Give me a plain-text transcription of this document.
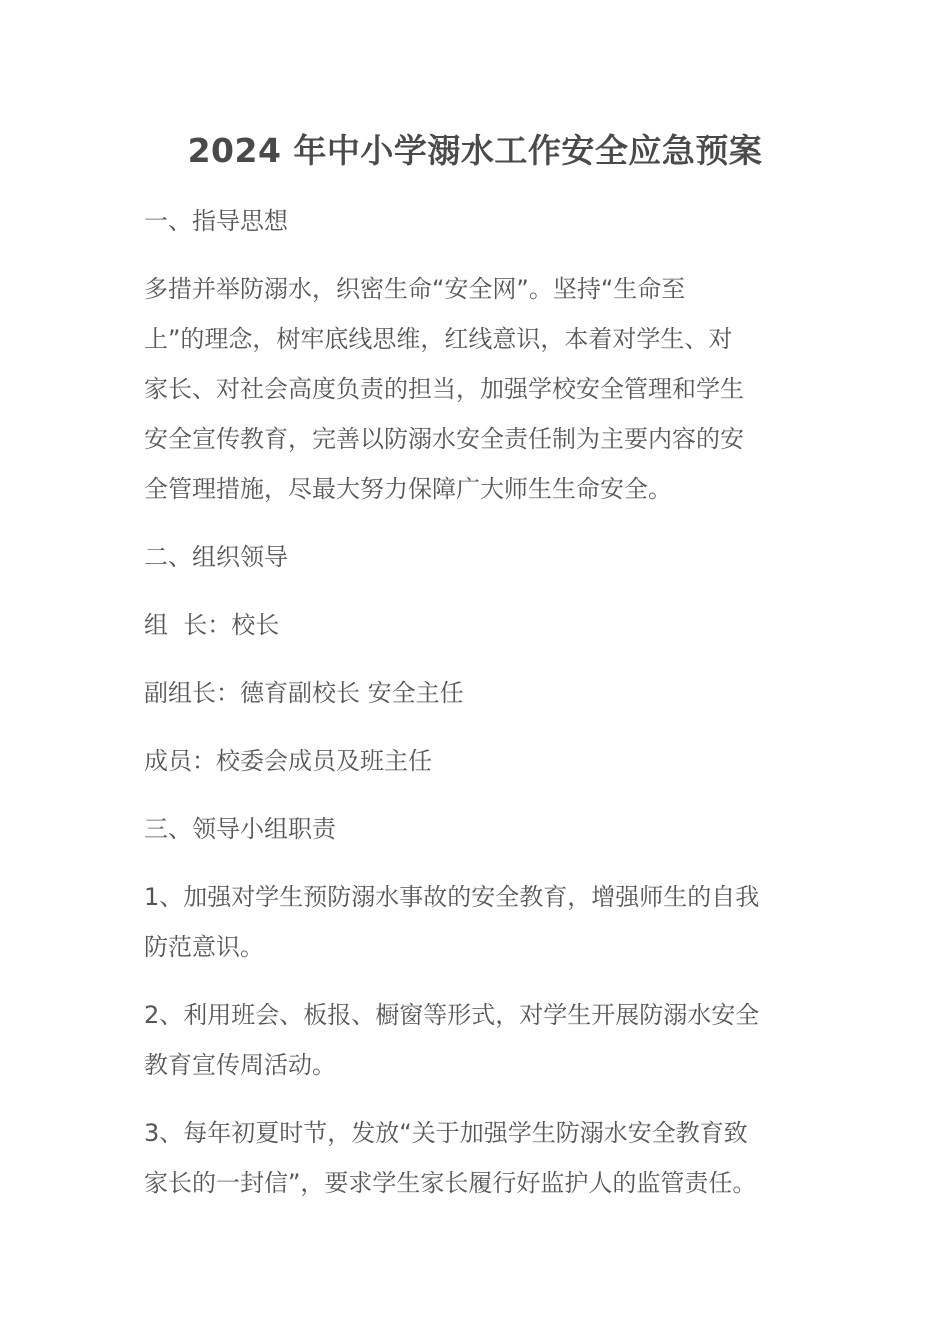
2024 年中小学溺水工作安全应急预案

一、指导思想

多措并举防溺水，织密生命“安全网”。坚持“生命至
上”的理念，树牢底线思维，红线意识，本着对学生、对
家长、对社会高度负责的担当，加强学校安全管理和学生
安全宣传教育，完善以防溺水安全责任制为主要内容的安
全管理措施，尽最大努力保障广大师生生命安全。

二、组织领导

组  长：校长

副组长：德育副校长 安全主任

成员：校委会成员及班主任

三、领导小组职责

1、加强对学生预防溺水事故的安全教育，增强师生的自我
防范意识。

2、利用班会、板报、橱窗等形式，对学生开展防溺水安全
教育宣传周活动。

3、每年初夏时节，发放“关于加强学生防溺水安全教育致
家长的一封信”，要求学生家长履行好监护人的监管责任。
